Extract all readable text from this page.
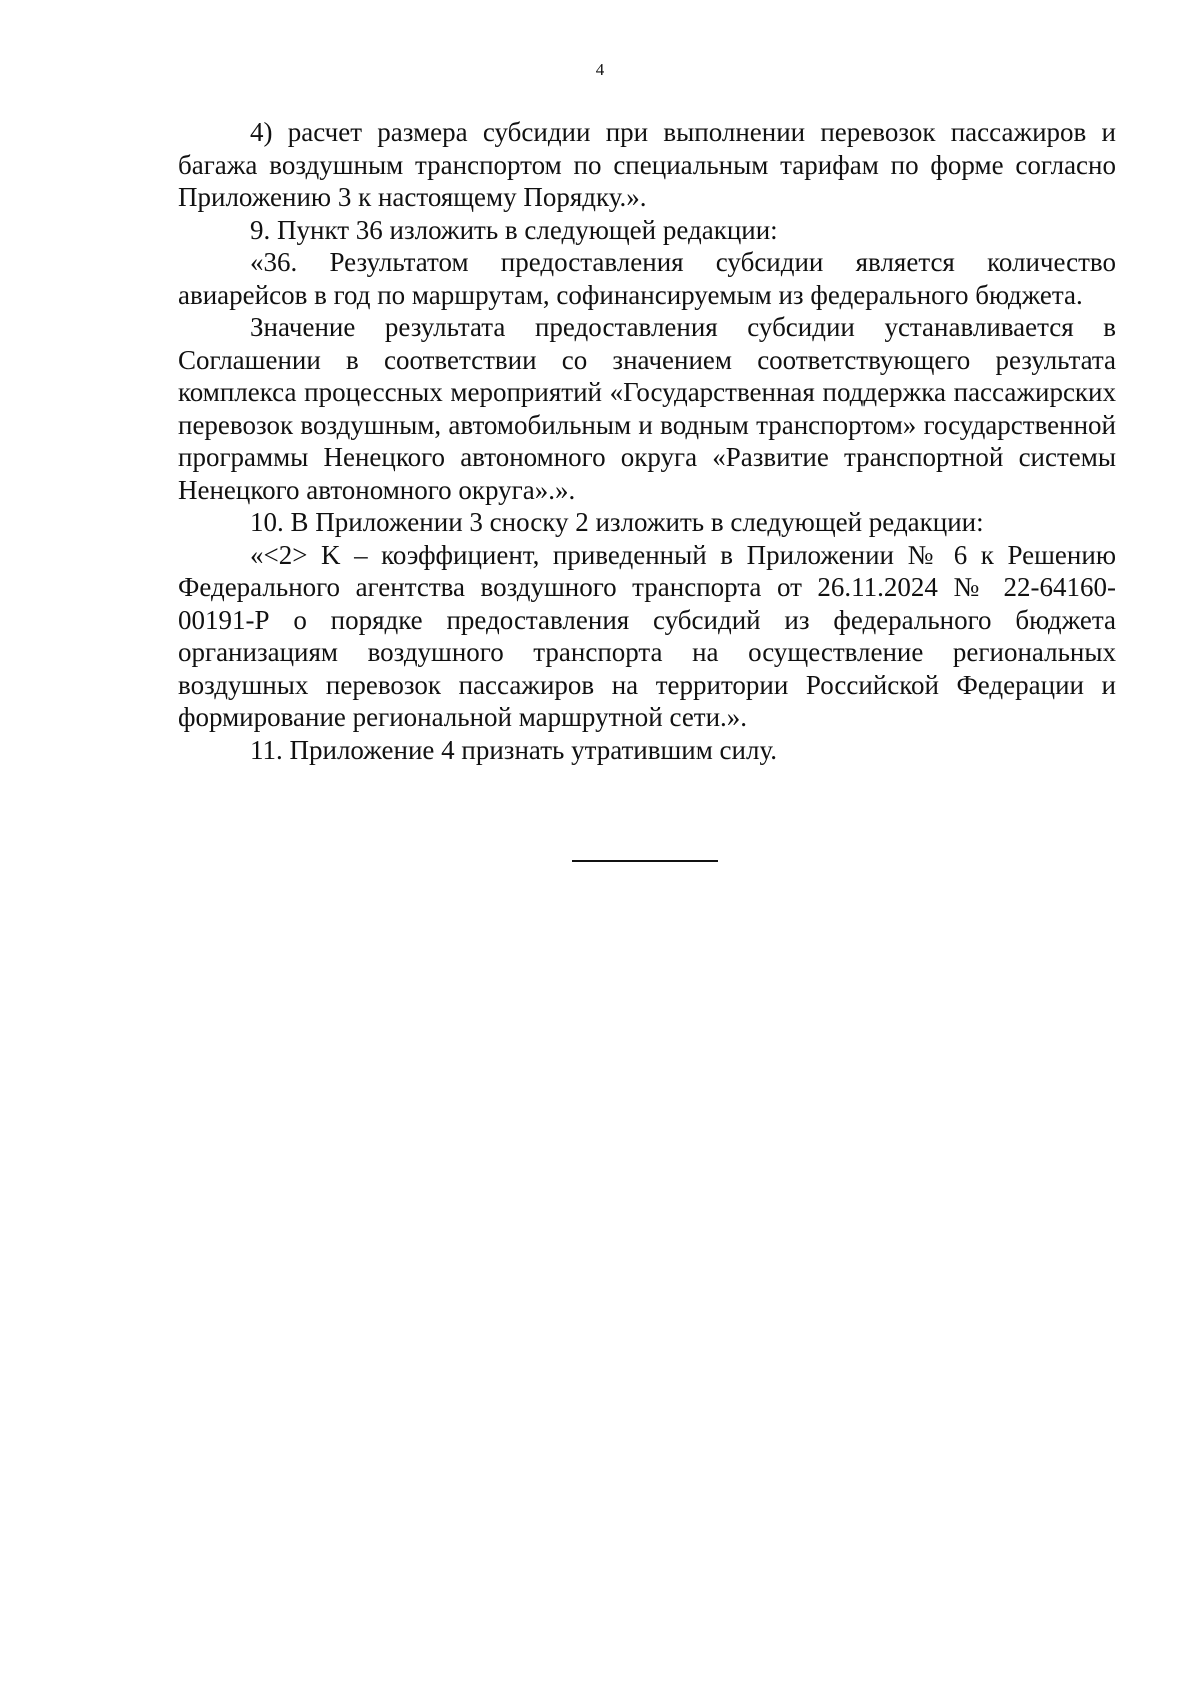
4

4) расчет размера субсидии при выполнении перевозок пассажиров и багажа воздушным транспортом по специальным тарифам по форме согласно Приложению 3 к настоящему Порядку.».

9. Пункт 36 изложить в следующей редакции:

«36. Результатом предоставления субсидии является количество авиарейсов в год по маршрутам, софинансируемым из федерального бюджета.

Значение результата предоставления субсидии устанавливается в Соглашении в соответствии со значением соответствующего результата комплекса процессных мероприятий «Государственная поддержка пассажирских перевозок воздушным, автомобильным и водным транспортом» государственной программы Ненецкого автономного округа «Развитие транспортной системы Ненецкого автономного округа».».

10. В Приложении 3 сноску 2 изложить в следующей редакции:

«<2> K – коэффициент, приведенный в Приложении № 6 к Решению Федерального агентства воздушного транспорта от 26.11.2024 № 22-64160-00191-Р о порядке предоставления субсидий из федерального бюджета организациям воздушного транспорта на осуществление региональных воздушных перевозок пассажиров на территории Российской Федерации и формирование региональной маршрутной сети.».

11. Приложение 4 признать утратившим силу.
